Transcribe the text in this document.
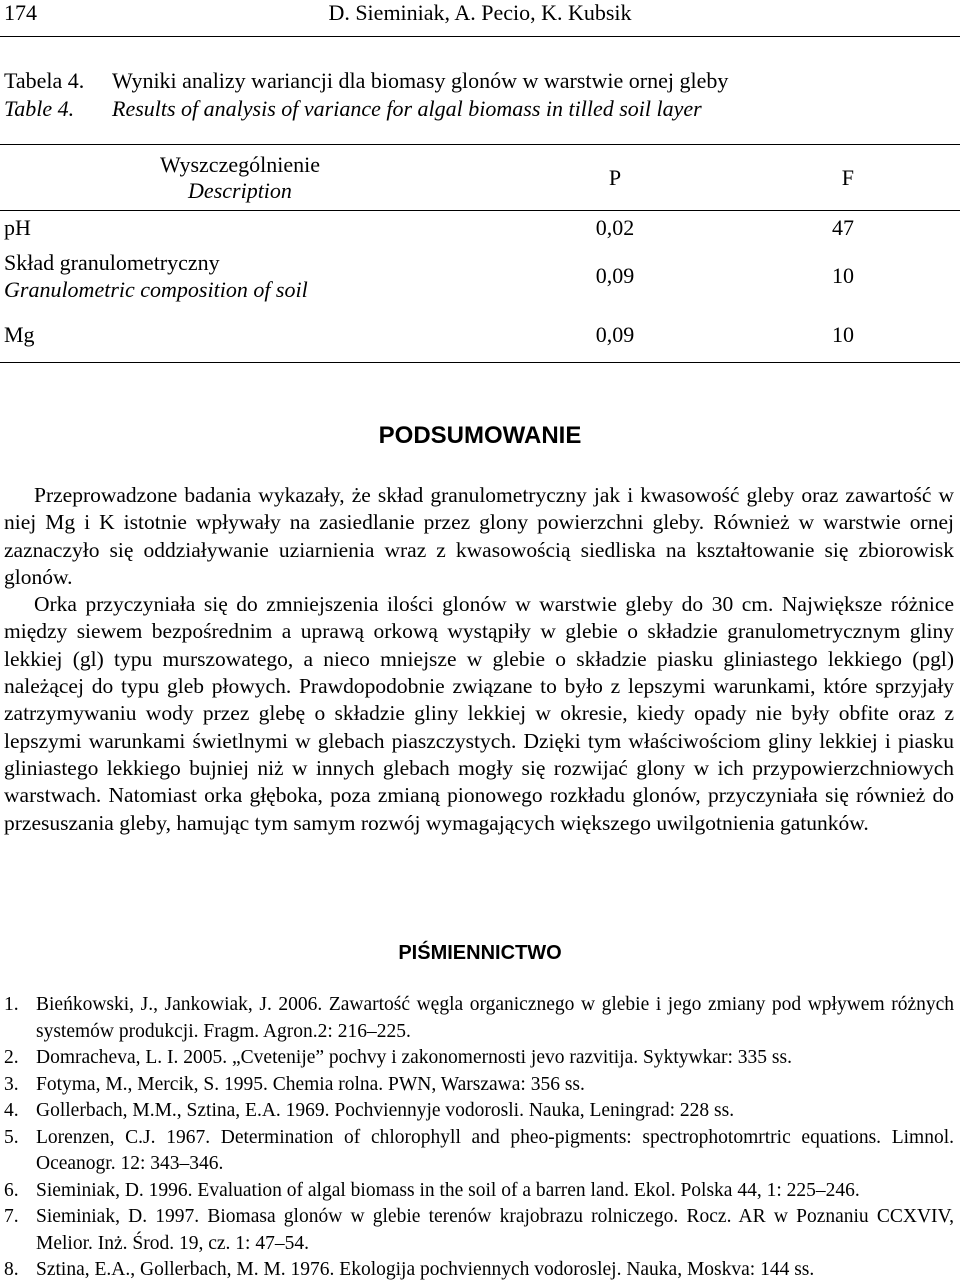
174	D. Sieminiak, A. Pecio, K. Kubsik
Tabela 4. Wyniki analizy wariancji dla biomasy glonów w warstwie ornej gleby
Table 4. Results of analysis of variance for algal biomass in tilled soil layer
Wyszczególnienie
Description
P	F
pH	0,02	47
Skład granulometryczny
Granulometric composition of soil
0,09	10
Mg	0,09	10
PODSUMOWANIE

Przeprowadzone badania wykazały, że skład granulometryczny jak i kwasowość gleby oraz zawartość w niej Mg i K istotnie wpływały na zasiedlanie przez glony powierzchni gleby. Również w warstwie ornej zaznaczyło się oddziaływanie uziarnienia wraz z kwasowością siedliska na kształtowanie się zbiorowisk glonów.

Orka przyczyniała się do zmniejszenia ilości glonów w warstwie gleby do 30 cm. Największe różnice między siewem bezpośrednim a uprawą orkową wystąpiły w glebie o składzie granulometrycznym gliny lekkiej (gl) typu murszowatego, a nieco mniejsze w glebie o składzie piasku gliniastego lekkiego (pgl) należącej do typu gleb płowych. Prawdopodobnie związane to było z lepszymi warunkami, które sprzyjały zatrzymywaniu wody przez glebę o składzie gliny lekkiej w okresie, kiedy opady nie były obfite oraz z lepszymi warunkami świetlnymi w glebach piaszczystych. Dzięki tym właściwościom gliny lekkiej i piasku gliniastego lekkiego bujniej niż w innych glebach mogły się rozwijać glony w ich przypowierzchniowych warstwach. Natomiast orka głęboka, poza zmianą pionowego rozkładu glonów, przyczyniała się również do przesuszania gleby, hamując tym samym rozwój wymagających większego uwilgotnienia gatunków.

PIŚMIENNICTWO
1. Bieńkowski, J., Jankowiak, J. 2006. Zawartość węgla organicznego w glebie i jego zmiany pod wpływem różnych systemów produkcji. Fragm. Agron.2: 216–225.
2. Domracheva, L. I. 2005. „Cvetenije” pochvy i zakonomernosti jevo razvitija. Syktywkar: 335 ss.
3. Fotyma, M., Mercik, S. 1995. Chemia rolna. PWN, Warszawa: 356 ss.
4. Gollerbach, M.M., Sztina, E.A. 1969. Pochviennyje vodorosli. Nauka, Leningrad: 228 ss.
5. Lorenzen, C.J. 1967. Determination of chlorophyll and pheo-pigments: spectrophotomrtric equations. Limnol. Oceanogr. 12: 343–346.
6. Sieminiak, D. 1996. Evaluation of algal biomass in the soil of a barren land. Ekol. Polska 44, 1: 225–246.
7. Sieminiak, D. 1997. Biomasa glonów w glebie terenów krajobrazu rolniczego. Rocz. AR w Poznaniu CCXVIV, Melior. Inż. Środ. 19, cz. 1: 47–54.
8. Sztina, E.A., Gollerbach, M. M. 1976. Ekologija pochviennych vodoroslej. Nauka, Moskva: 144 ss.
